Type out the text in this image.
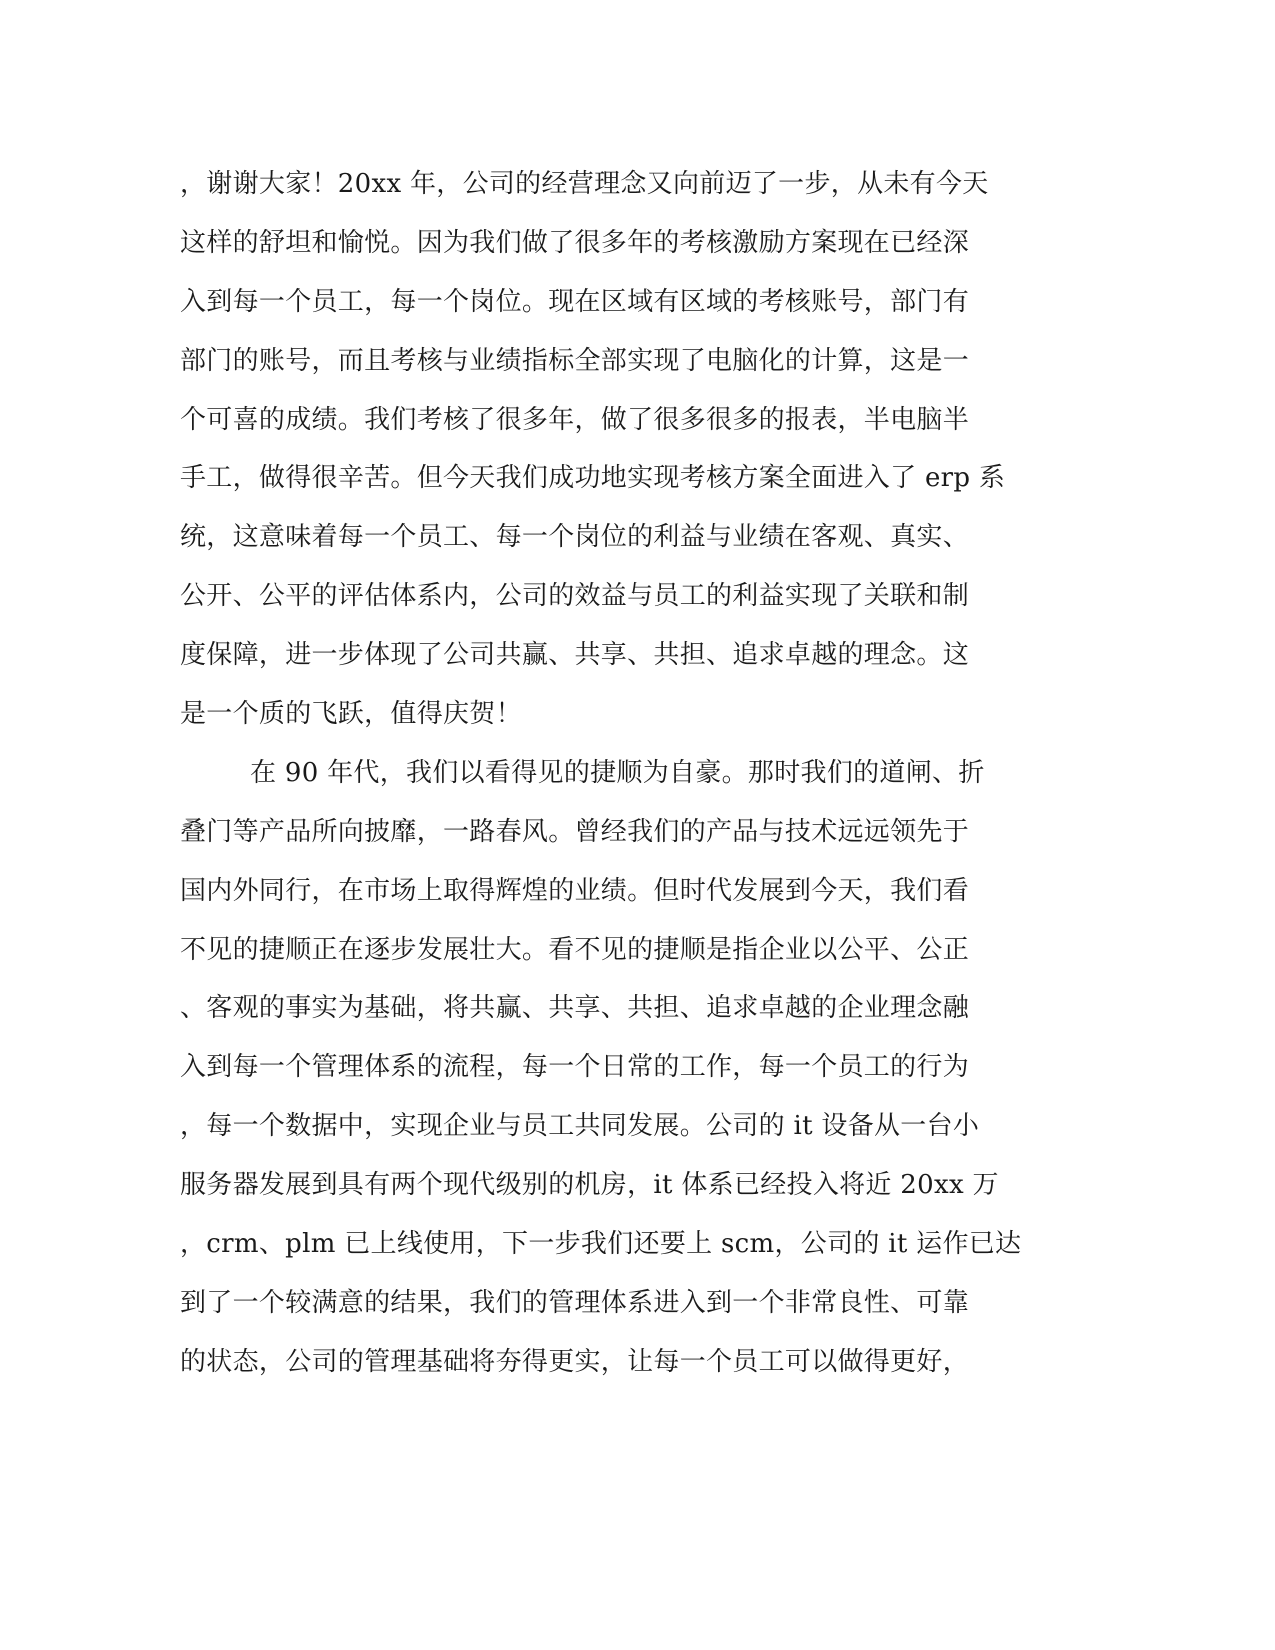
，谢谢大家！20xx 年，公司的经营理念又向前迈了一步，从未有今天
这样的舒坦和愉悦。因为我们做了很多年的考核激励方案现在已经深
入到每一个员工，每一个岗位。现在区域有区域的考核账号，部门有
部门的账号，而且考核与业绩指标全部实现了电脑化的计算，这是一
个可喜的成绩。我们考核了很多年，做了很多很多的报表，半电脑半
手工，做得很辛苦。但今天我们成功地实现考核方案全面进入了 erp 系
统，这意味着每一个员工、每一个岗位的利益与业绩在客观、真实、
公开、公平的评估体系内，公司的效益与员工的利益实现了关联和制
度保障，进一步体现了公司共赢、共享、共担、追求卓越的理念。这
是一个质的飞跃，值得庆贺！
在 90 年代，我们以看得见的捷顺为自豪。那时我们的道闸、折
叠门等产品所向披靡，一路春风。曾经我们的产品与技术远远领先于
国内外同行，在市场上取得辉煌的业绩。但时代发展到今天，我们看
不见的捷顺正在逐步发展壮大。看不见的捷顺是指企业以公平、公正
、客观的事实为基础，将共赢、共享、共担、追求卓越的企业理念融
入到每一个管理体系的流程，每一个日常的工作，每一个员工的行为
，每一个数据中，实现企业与员工共同发展。公司的 it 设备从一台小
服务器发展到具有两个现代级别的机房，it 体系已经投入将近 20xx 万
，crm、plm 已上线使用，下一步我们还要上 scm，公司的 it 运作已达
到了一个较满意的结果，我们的管理体系进入到一个非常良性、可靠
的状态，公司的管理基础将夯得更实，让每一个员工可以做得更好，
